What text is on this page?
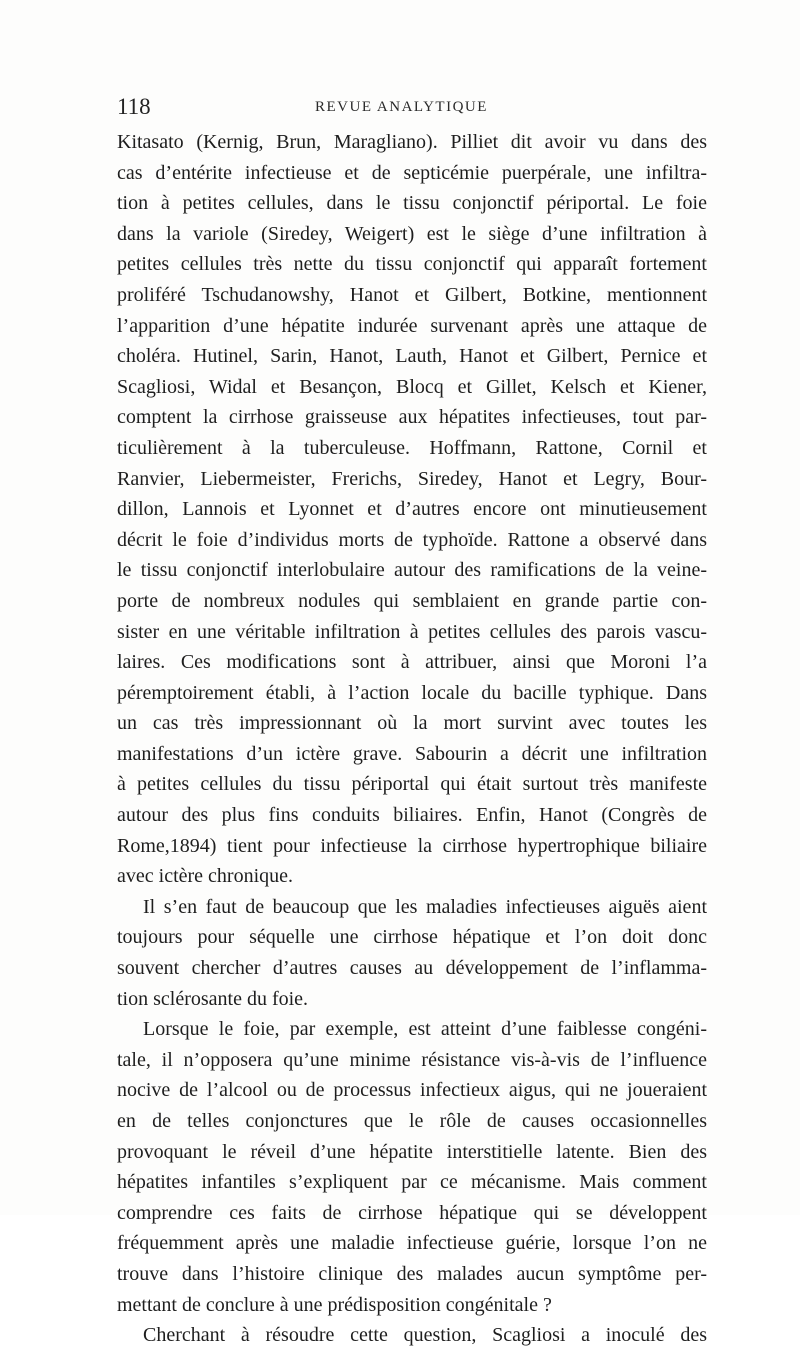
118	REVUE ANALYTIQUE
Kitasato (Kernig, Brun, Maragliano). Pilliet dit avoir vu dans des
cas d’entérite infectieuse et de septicémie puerpérale, une infiltra-
tion à petites cellules, dans le tissu conjonctif périportal. Le foie
dans la variole (Siredey, Weigert) est le siège d’une infiltration à
petites cellules très nette du tissu conjonctif qui apparaît fortement
proliféré Tschudanowshy, Hanot et Gilbert, Botkine, mentionnent
l’apparition d’une hépatite indurée survenant après une attaque de
choléra. Hutinel, Sarin, Hanot, Lauth, Hanot et Gilbert, Pernice et
Scagliosi, Widal et Besançon, Blocq et Gillet, Kelsch et Kiener,
comptent la cirrhose graisseuse aux hépatites infectieuses, tout par-
ticulièrement à la tuberculeuse. Hoffmann, Rattone, Cornil et
Ranvier, Liebermeister, Frerichs, Siredey, Hanot et Legry, Bour-
dillon, Lannois et Lyonnet et d’autres encore ont minutieusement
décrit le foie d’individus morts de typhoïde. Rattone a observé dans
le tissu conjonctif interlobulaire autour des ramifications de la veine-
porte de nombreux nodules qui semblaient en grande partie con-
sister en une véritable infiltration à petites cellules des parois vascu-
laires. Ces modifications sont à attribuer, ainsi que Moroni l’a
péremptoirement établi, à l’action locale du bacille typhique. Dans
un cas très impressionnant où la mort survint avec toutes les
manifestations d’un ictère grave. Sabourin a décrit une infiltration
à petites cellules du tissu périportal qui était surtout très manifeste
autour des plus fins conduits biliaires. Enfin, Hanot (Congrès de
Rome,1894) tient pour infectieuse la cirrhose hypertrophique biliaire
avec ictère chronique.
Il s’en faut de beaucoup que les maladies infectieuses aiguës aient
toujours pour séquelle une cirrhose hépatique et l’on doit donc
souvent chercher d’autres causes au développement de l’inflamma-
tion sclérosante du foie.
Lorsque le foie, par exemple, est atteint d’une faiblesse congéni-
tale, il n’opposera qu’une minime résistance vis-à-vis de l’influence
nocive de l’alcool ou de processus infectieux aigus, qui ne joueraient
en de telles conjonctures que le rôle de causes occasionnelles
provoquant le réveil d’une hépatite interstitielle latente. Bien des
hépatites infantiles s’expliquent par ce mécanisme. Mais comment
comprendre ces faits de cirrhose hépatique qui se développent
fréquemment après une maladie infectieuse guérie, lorsque l’on ne
trouve dans l’histoire clinique des malades aucun symptôme per-
mettant de conclure à une prédisposition congénitale ?
Cherchant à résoudre cette question, Scagliosi a inoculé des
